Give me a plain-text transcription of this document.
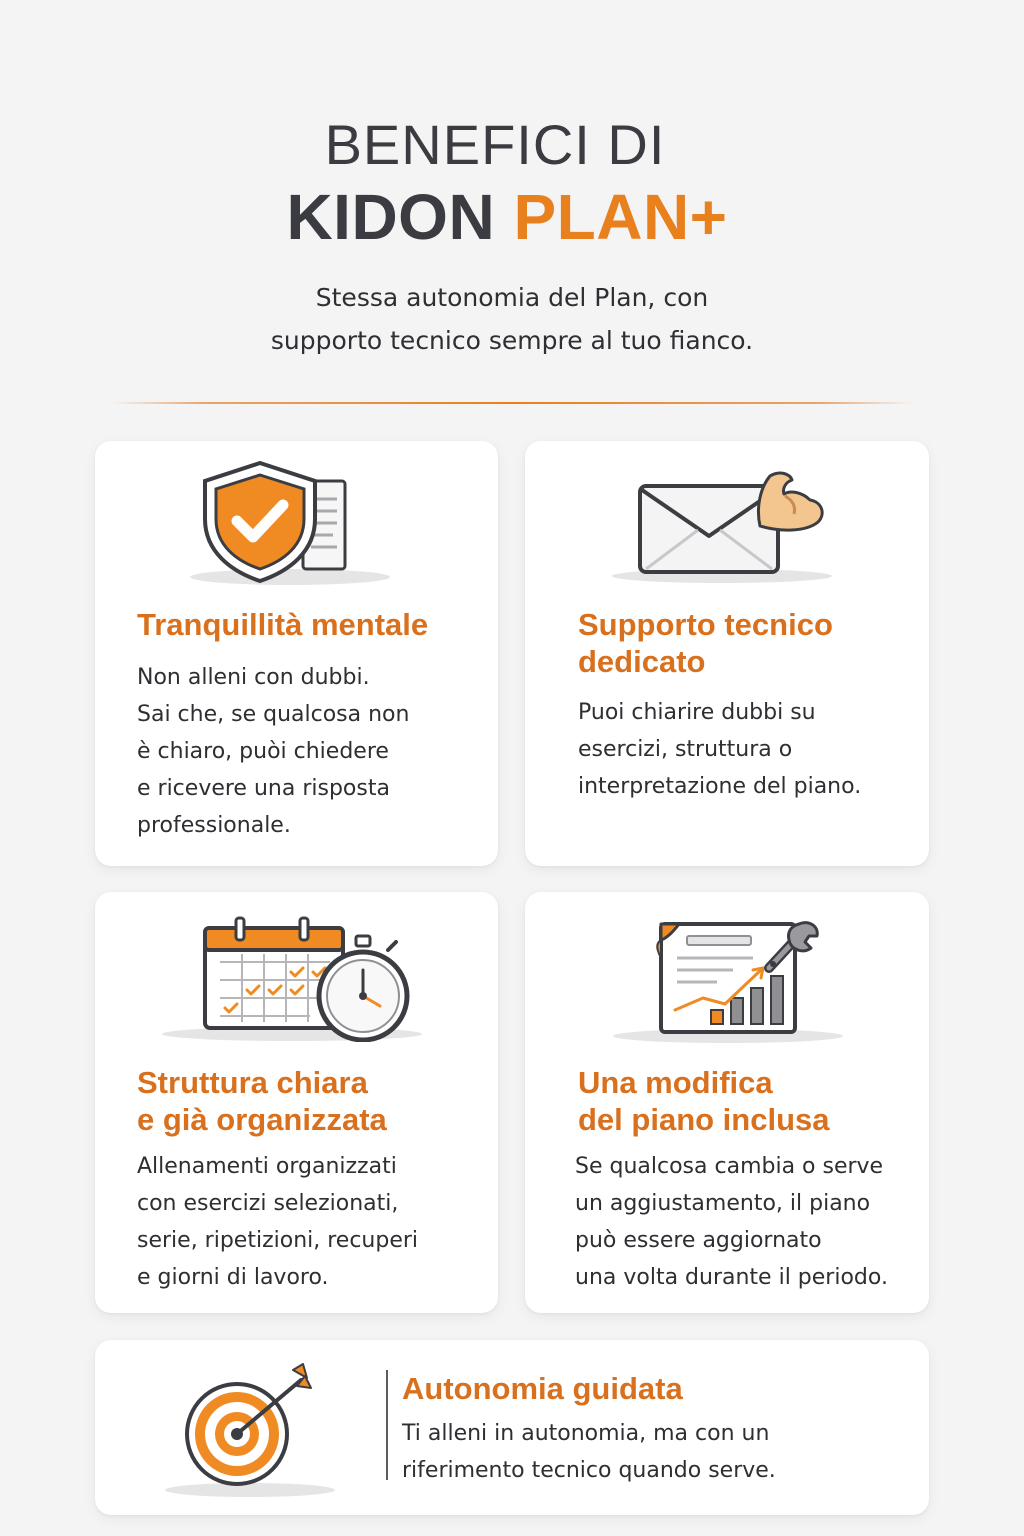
BENEFICI DI
KIDON PLAN+
Stessa autonomia del Plan, con
supporto tecnico sempre al tuo fianco.
Tranquillità mentale

Non alleni con dubbi.
Sai che, se qualcosa non
è chiaro, puòi chiedere
e ricevere una risposta
professionale.

Supporto tecnico
dedicato

Puoi chiarire dubbi su
esercizi, struttura o
interpretazione del piano.

Struttura chiara
e già organizzata

Allenamenti organizzati
con esercizi selezionati,
serie, ripetizioni, recuperi
e giorni di lavoro.

Una modifica
del piano inclusa

Se qualcosa cambia o serve
un aggiustamento, il piano
può essere aggiornato
una volta durante il periodo.

Autonomia guidata

Ti alleni in autonomia, ma con un
riferimento tecnico quando serve.
